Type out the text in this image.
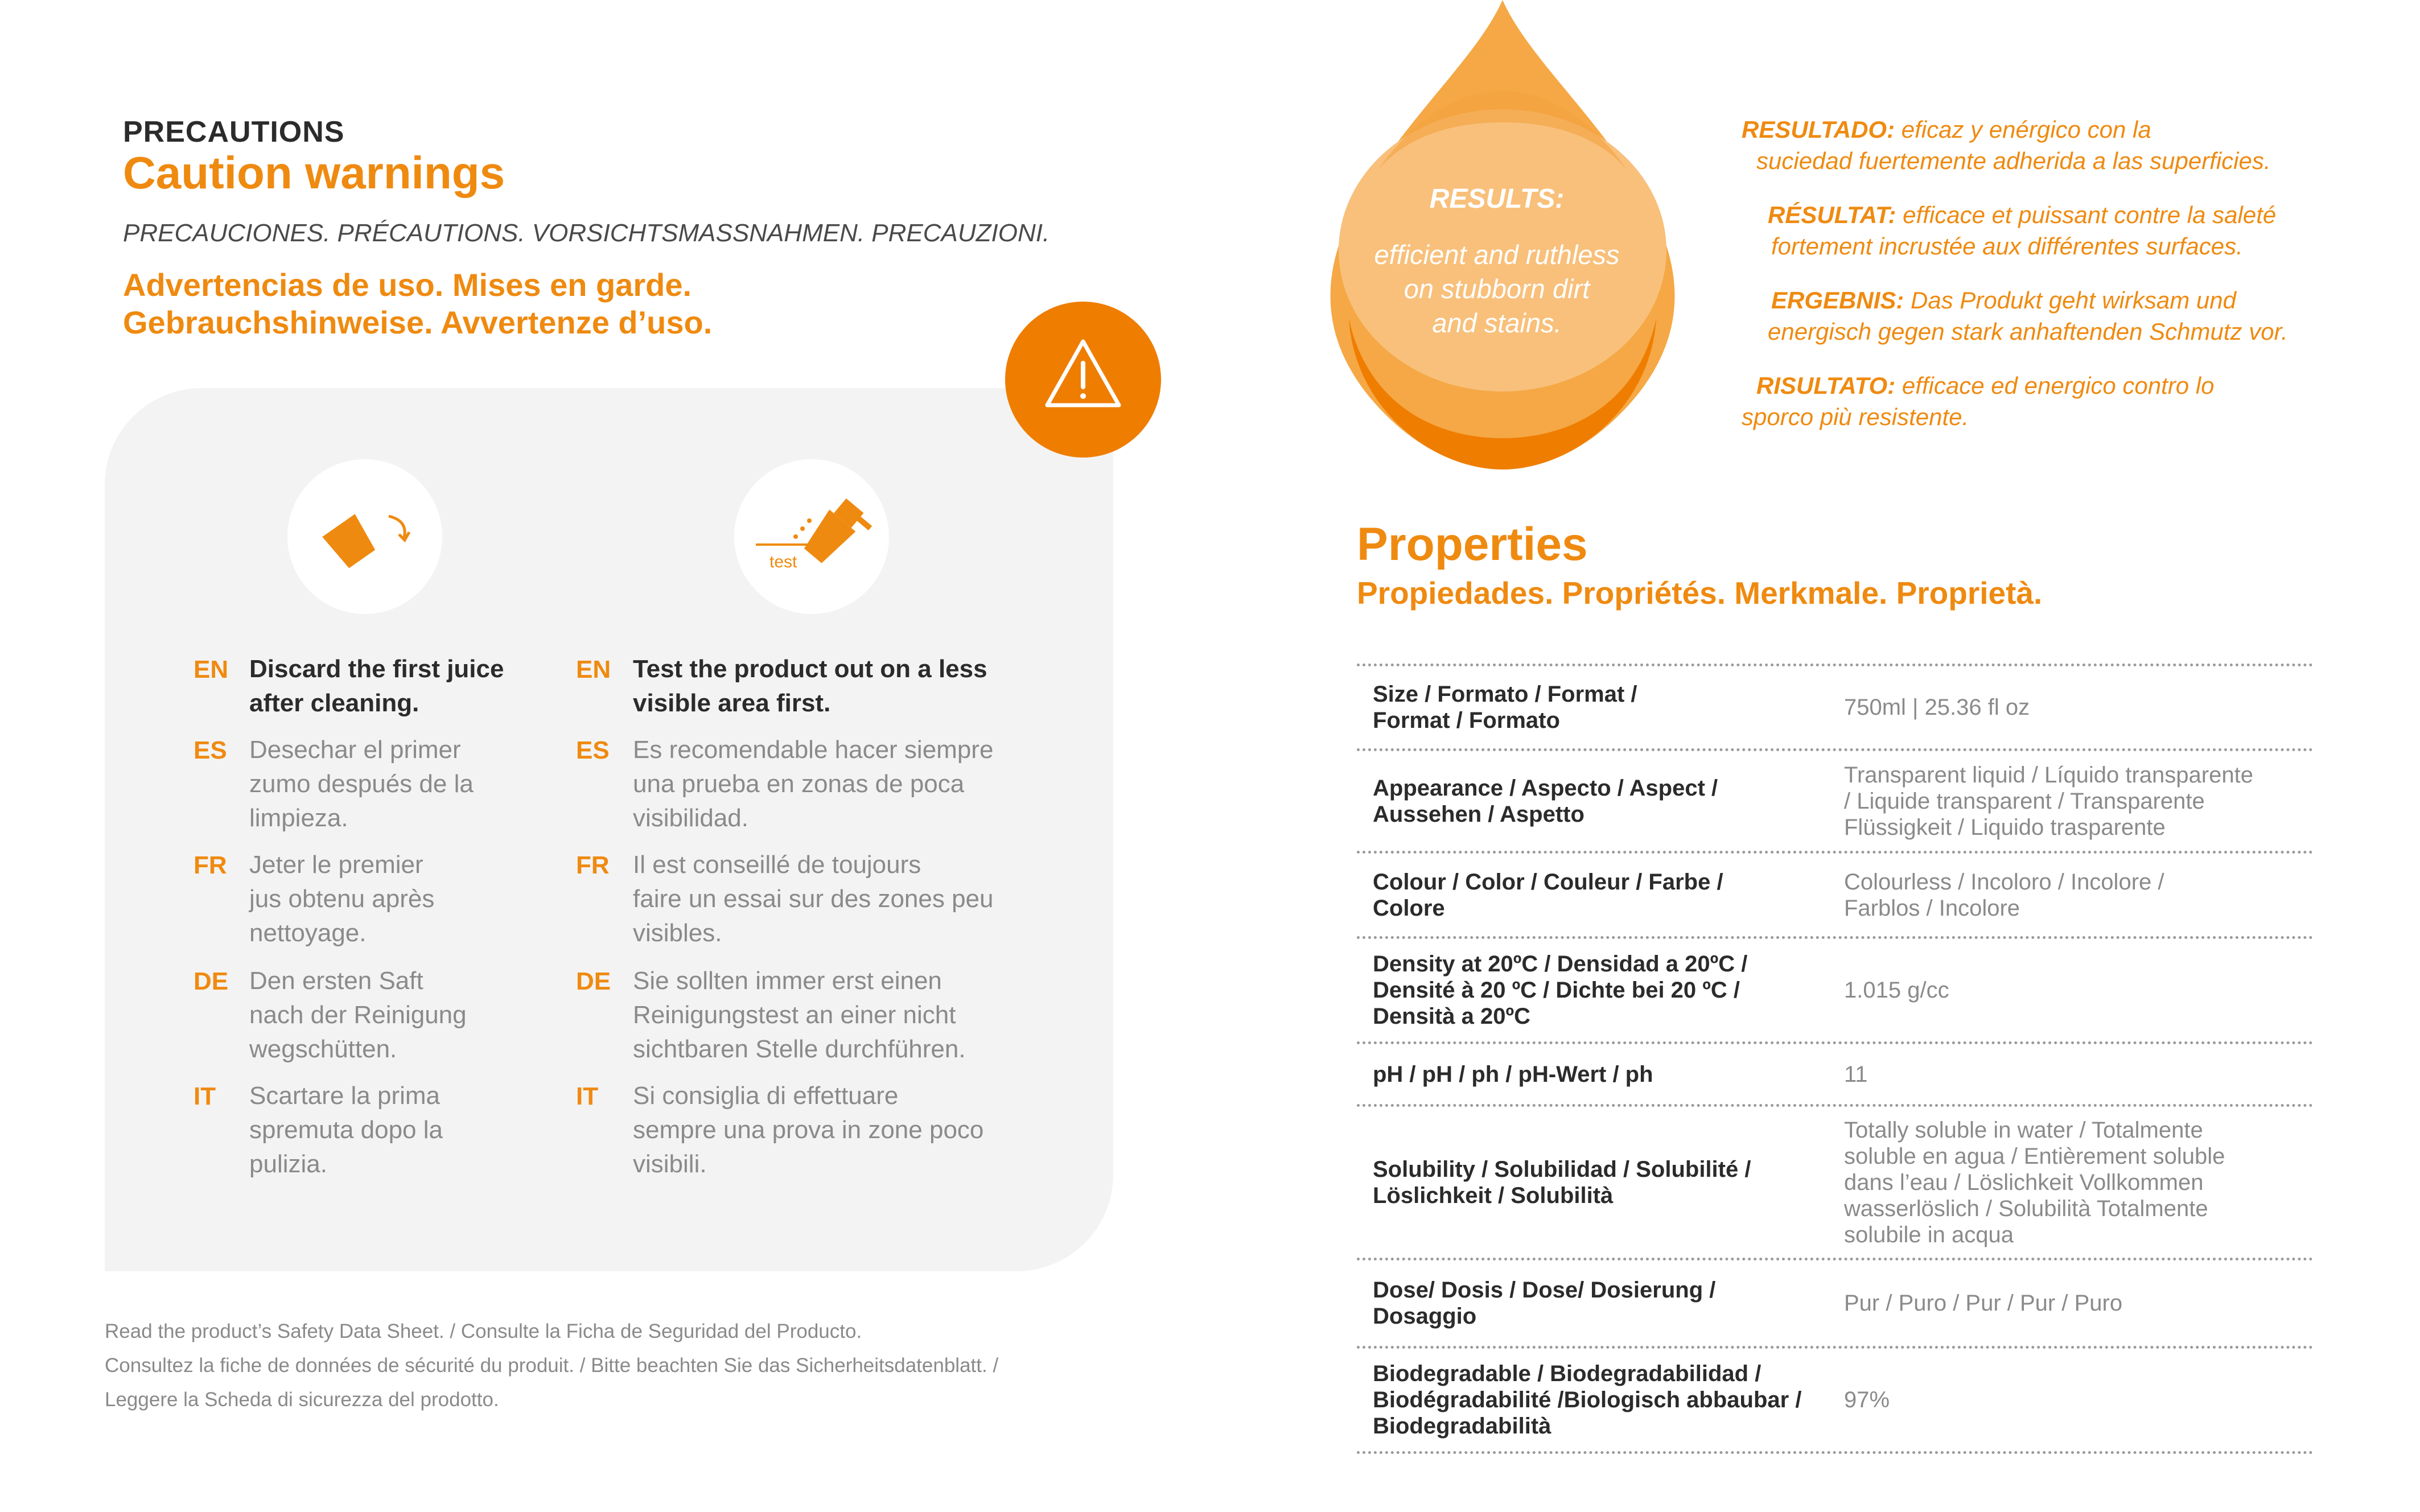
PRECAUTIONS
Caution warnings
PRECAUCIONES. PRÉCAUTIONS. VORSICHTSMASSNAHMEN. PRECAUZIONI.
Advertencias de uso. Mises en garde.
Gebrauchshinweise. Avvertenze d’uso.
test
EN Discard the first juice
after cleaning.
ES Desechar el primer
zumo después de la
limpieza.
FR Jeter le premier
jus obtenu après
nettoyage.
DE Den ersten Saft
nach der Reinigung
wegschütten.
IT Scartare la prima
spremuta dopo la
pulizia.
EN Test the product out on a less
visible area first.
ES Es recomendable hacer siempre
una prueba en zonas de poca
visibilidad.
FR Il est conseillé de toujours
faire un essai sur des zones peu
visibles.
DE Sie sollten immer erst einen
Reinigungstest an einer nicht
sichtbaren Stelle durchführen.
IT Si consiglia di effettuare
sempre una prova in zone poco
visibili.
Read the product’s Safety Data Sheet. / Consulte la Ficha de Seguridad del Producto.
Consultez la fiche de données de sécurité du produit. / Bitte beachten Sie das Sicherheitsdatenblatt. /
Leggere la Scheda di sicurezza del prodotto.
RESULTS:
efficient and ruthless
on stubborn dirt
and stains.
RESULTADO: eficaz y enérgico con la
suciedad fuertemente adherida a las superficies.
RÉSULTAT: efficace et puissant contre la saleté
fortement incrustée aux différentes surfaces.
ERGEBNIS: Das Produkt geht wirksam und
energisch gegen stark anhaftenden Schmutz vor.
RISULTATO: efficace ed energico contro lo
sporco più resistente.
Properties
Propiedades. Propriétés. Merkmale. Proprietà.
Size / Formato / Format /
Format / Formato
750ml | 25.36 fl oz
Appearance / Aspecto / Aspect /
Aussehen / Aspetto
Transparent liquid / Líquido transparente
/ Liquide transparent / Transparente
Flüssigkeit / Liquido trasparente
Colour / Color / Couleur / Farbe /
Colore
Colourless / Incoloro / Incolore /
Farblos / Incolore
Density at 20ºC / Densidad a 20ºC /
Densité à 20 ºC / Dichte bei 20 ºC /
Densità a 20ºC
1.015 g/cc
pH / pH / ph / pH-Wert / ph	11
Solubility / Solubilidad / Solubilité /
Löslichkeit / Solubilità
Totally soluble in water / Totalmente
soluble en agua / Entièrement soluble
dans l’eau / Löslichkeit Vollkommen
wasserlöslich / Solubilità Totalmente
solubile in acqua
Dose/ Dosis / Dose/ Dosierung /
Dosaggio
Pur / Puro / Pur / Pur / Puro
Biodegradable / Biodegradabilidad /
Biodégradabilité /Biologisch abbaubar /
Biodegradabilità
97%
